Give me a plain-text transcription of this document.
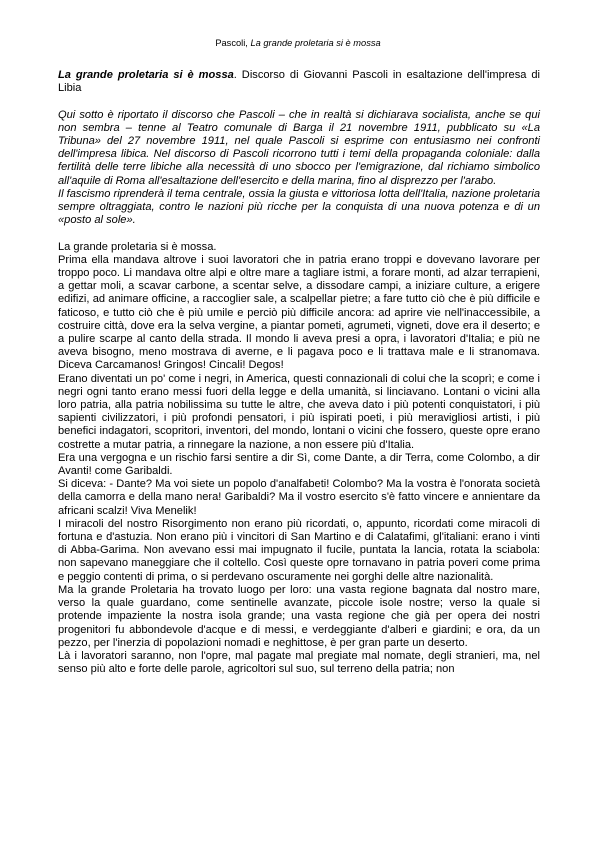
Pascoli, La grande proletaria si è mossa

La grande proletaria si è mossa. Discorso di Giovanni Pascoli in esaltazione dell'impresa di Libia

Qui sotto è riportato il discorso che Pascoli – che in realtà si dichiarava socialista, anche se qui non sembra – tenne al Teatro comunale di Barga il 21 novembre 1911, pubblicato su «La Tribuna» del 27 novembre 1911, nel quale Pascoli si esprime con entusiasmo nei confronti dell'impresa libica. Nel discorso di Pascoli ricorrono tutti i temi della propaganda coloniale: dalla fertilità delle terre libiche alla necessità di uno sbocco per l'emigrazione, dal richiamo simbolico all'aquile di Roma all'esaltazione dell'esercito e della marina, fino al disprezzo per l'arabo.

Il fascismo riprenderà il tema centrale, ossia la giusta e vittoriosa lotta dell'Italia, nazione proletaria sempre oltraggiata, contro le nazioni più ricche per la conquista di una nuova potenza e di un «posto al sole».

La grande proletaria si è mossa.

Prima ella mandava altrove i suoi lavoratori che in patria erano troppi e dovevano lavorare per troppo poco. Li mandava oltre alpi e oltre mare a tagliare istmi, a forare monti, ad alzar terrapieni, a gettar moli, a scavar carbone, a scentar selve, a dissodare campi, a iniziare culture, a erigere edifizi, ad animare officine, a raccoglier sale, a scalpellar pietre; a fare tutto ciò che è più difficile e faticoso, e tutto ciò che è più umile e perciò più difficile ancora: ad aprire vie nell'inaccessibile, a costruire città, dove era la selva vergine, a piantar pometi, agrumeti, vigneti, dove era il deserto; e a pulire scarpe al canto della strada. Il mondo li aveva presi a opra, i lavoratori d'Italia; e più ne aveva bisogno, meno mostrava di averne, e li pagava poco e li trattava male e li stranomava. Diceva Carcamanos! Gringos! Cincali! Degos!

Erano diventati un po' come i negri, in America, questi connazionali di colui che la scoprì; e come i negri ogni tanto erano messi fuori della legge e della umanità, si linciavano. Lontani o vicini alla loro patria, alla patria nobilissima su tutte le altre, che aveva dato i più potenti conquistatori, i più sapienti civilizzatori, i più profondi pensatori, i più ispirati poeti, i più meravigliosi artisti, i più benefici indagatori, scopritori, inventori, del mondo, lontani o vicini che fossero, queste opre erano costrette a mutar patria, a rinnegare la nazione, a non essere più d'Italia.

Era una vergogna e un rischio farsi sentire a dir Sì, come Dante, a dir Terra, come Colombo, a dir Avanti! come Garibaldi.

Si diceva: - Dante? Ma voi siete un popolo d'analfabeti! Colombo? Ma la vostra è l'onorata società della camorra e della mano nera! Garibaldi? Ma il vostro esercito s'è fatto vincere e annientare da africani scalzi! Viva Menelik!

I miracoli del nostro Risorgimento non erano più ricordati, o, appunto, ricordati come miracoli di fortuna e d'astuzia. Non erano più i vincitori di San Martino e di Calatafimi, gl'italiani: erano i vinti di Abba-Garima. Non avevano essi mai impugnato il fucile, puntata la lancia, rotata la sciabola: non sapevano maneggiare che il coltello. Così queste opre tornavano in patria poveri come prima e peggio contenti di prima, o si perdevano oscuramente nei gorghi delle altre nazionalità.

Ma la grande Proletaria ha trovato luogo per loro: una vasta regione bagnata dal nostro mare, verso la quale guardano, come sentinelle avanzate, piccole isole nostre; verso la quale si protende impaziente la nostra isola grande; una vasta regione che già per opera dei nostri progenitori fu abbondevole d'acque e di messi, e verdeggiante d'alberi e giardini; e ora, da un pezzo, per l'inerzia di popolazioni nomadi e neghittose, è per gran parte un deserto.

Là i lavoratori saranno, non l'opre, mal pagate mal pregiate mal nomate, degli stranieri, ma, nel senso più alto e forte delle parole, agricoltori sul suo, sul terreno della patria; non
